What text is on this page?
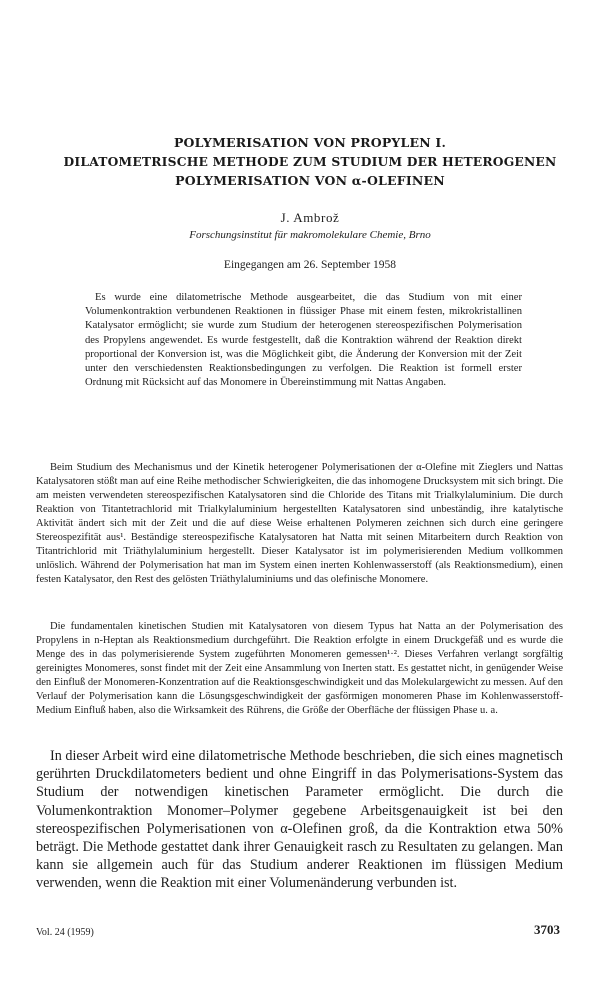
POLYMERISATION VON PROPYLEN I.
DILATOMETRISCHE METHODE ZUM STUDIUM DER HETEROGENEN
POLYMERISATION VON α-OLEFINEN
J. Ambrož
Forschungsinstitut für makromolekulare Chemie, Brno
Eingegangen am 26. September 1958

Es wurde eine dilatometrische Methode ausgearbeitet, die das Studium von mit einer Volumenkontraktion verbundenen Reaktionen in flüssiger Phase mit einem festen, mikrokristallinen Katalysator ermöglicht; sie wurde zum Studium der heterogenen stereospezifischen Polymerisation des Propylens angewendet. Es wurde festgestellt, daß die Kontraktion während der Reaktion direkt proportional der Konversion ist, was die Möglichkeit gibt, die Änderung der Konversion mit der Zeit unter den verschiedensten Reaktionsbedingungen zu verfolgen. Die Reaktion ist formell erster Ordnung mit Rücksicht auf das Monomere in Übereinstimmung mit Nattas Angaben.

Beim Studium des Mechanismus und der Kinetik heterogener Polymerisationen der α-Olefine mit Zieglers und Nattas Katalysatoren stößt man auf eine Reihe methodischer Schwierigkeiten, die das inhomogene Drucksystem mit sich bringt. Die am meisten verwendeten stereospezifischen Katalysatoren sind die Chloride des Titans mit Trialkylaluminium. Die durch Reaktion von Titantetrachlorid mit Trialkylaluminium hergestellten Katalysatoren sind unbeständig, ihre katalytische Aktivität ändert sich mit der Zeit und die auf diese Weise erhaltenen Polymeren zeichnen sich durch eine geringere Stereospezifität aus¹. Beständige stereospezifische Katalysatoren hat Natta mit seinen Mitarbeitern durch Reaktion von Titantrichlorid mit Triäthylaluminium hergestellt. Dieser Katalysator ist im polymerisierenden Medium vollkommen unlöslich. Während der Polymerisation hat man im System einen inerten Kohlenwasserstoff (als Reaktionsmedium), einen festen Katalysator, den Rest des gelösten Triäthylaluminiums und das olefinische Monomere.

Die fundamentalen kinetischen Studien mit Katalysatoren von diesem Typus hat Natta an der Polymerisation des Propylens in n-Heptan als Reaktionsmedium durchgeführt. Die Reaktion erfolgte in einem Druckgefäß und es wurde die Menge des in das polymerisierende System zugeführten Monomeren gemessen¹·². Dieses Verfahren verlangt sorgfältig gereinigtes Monomeres, sonst findet mit der Zeit eine Ansammlung von Inerten statt. Es gestattet nicht, in genügender Weise den Einfluß der Monomeren-Konzentration auf die Reaktionsgeschwindigkeit und das Molekulargewicht zu messen. Auf den Verlauf der Polymerisation kann die Lösungsgeschwindigkeit der gasförmigen monomeren Phase im Kohlenwasserstoff-Medium Einfluß haben, also die Wirksamkeit des Rührens, die Größe der Oberfläche der flüssigen Phase u. a.

In dieser Arbeit wird eine dilatometrische Methode beschrieben, die sich eines magnetisch gerührten Druckdilatometers bedient und ohne Eingriff in das Polymerisations-System das Studium der notwendigen kinetischen Parameter ermöglicht. Die durch die Volumenkontraktion Monomer–Polymer gegebene Arbeitsgenauigkeit ist bei den stereospezifischen Polymerisationen von α-Olefinen groß, da die Kontraktion etwa 50% beträgt. Die Methode gestattet dank ihrer Genauigkeit rasch zu Resultaten zu gelangen. Man kann sie allgemein auch für das Studium anderer Reaktionen im flüssigen Medium verwenden, wenn die Reaktion mit einer Volumenänderung verbunden ist.

Vol. 24 (1959)	3703
